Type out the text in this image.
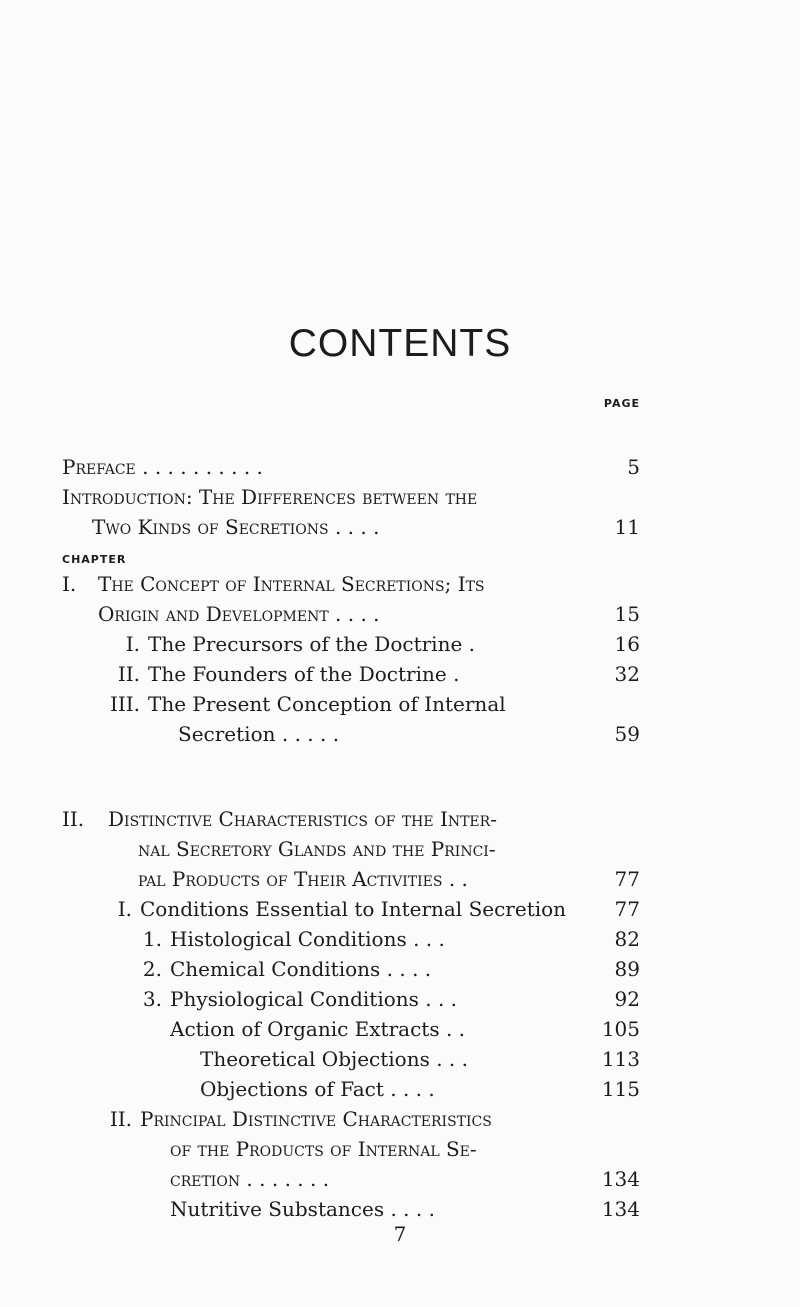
CONTENTS
PAGE
Preface . . . . . . . . . .	5
Introduction: The Differences between the
Two Kinds of Secretions . . . .	11
CHAPTER
I.	The Concept of Internal Secretions; Its
Origin and Development . . . .	15
I. The Precursors of the Doctrine .	16
II. The Founders of the Doctrine .	32
III. The Present Conception of Internal
Secretion . . . . .	59
II.	Distinctive Characteristics of the Inter-
nal Secretory Glands and the Princi-
pal Products of Their Activities . .	77
I. Conditions Essential to Internal Secretion 77
1. Histological Conditions . . .	82
2. Chemical Conditions . . . .	89
3. Physiological Conditions . . .	92
Action of Organic Extracts . .	105
Theoretical Objections . . .	113
Objections of Fact . . . .	115
II. Principal Distinctive Characteristics
of the Products of Internal Se-
cretion . . . . . . .	134
Nutritive Substances . . . .	134
7
